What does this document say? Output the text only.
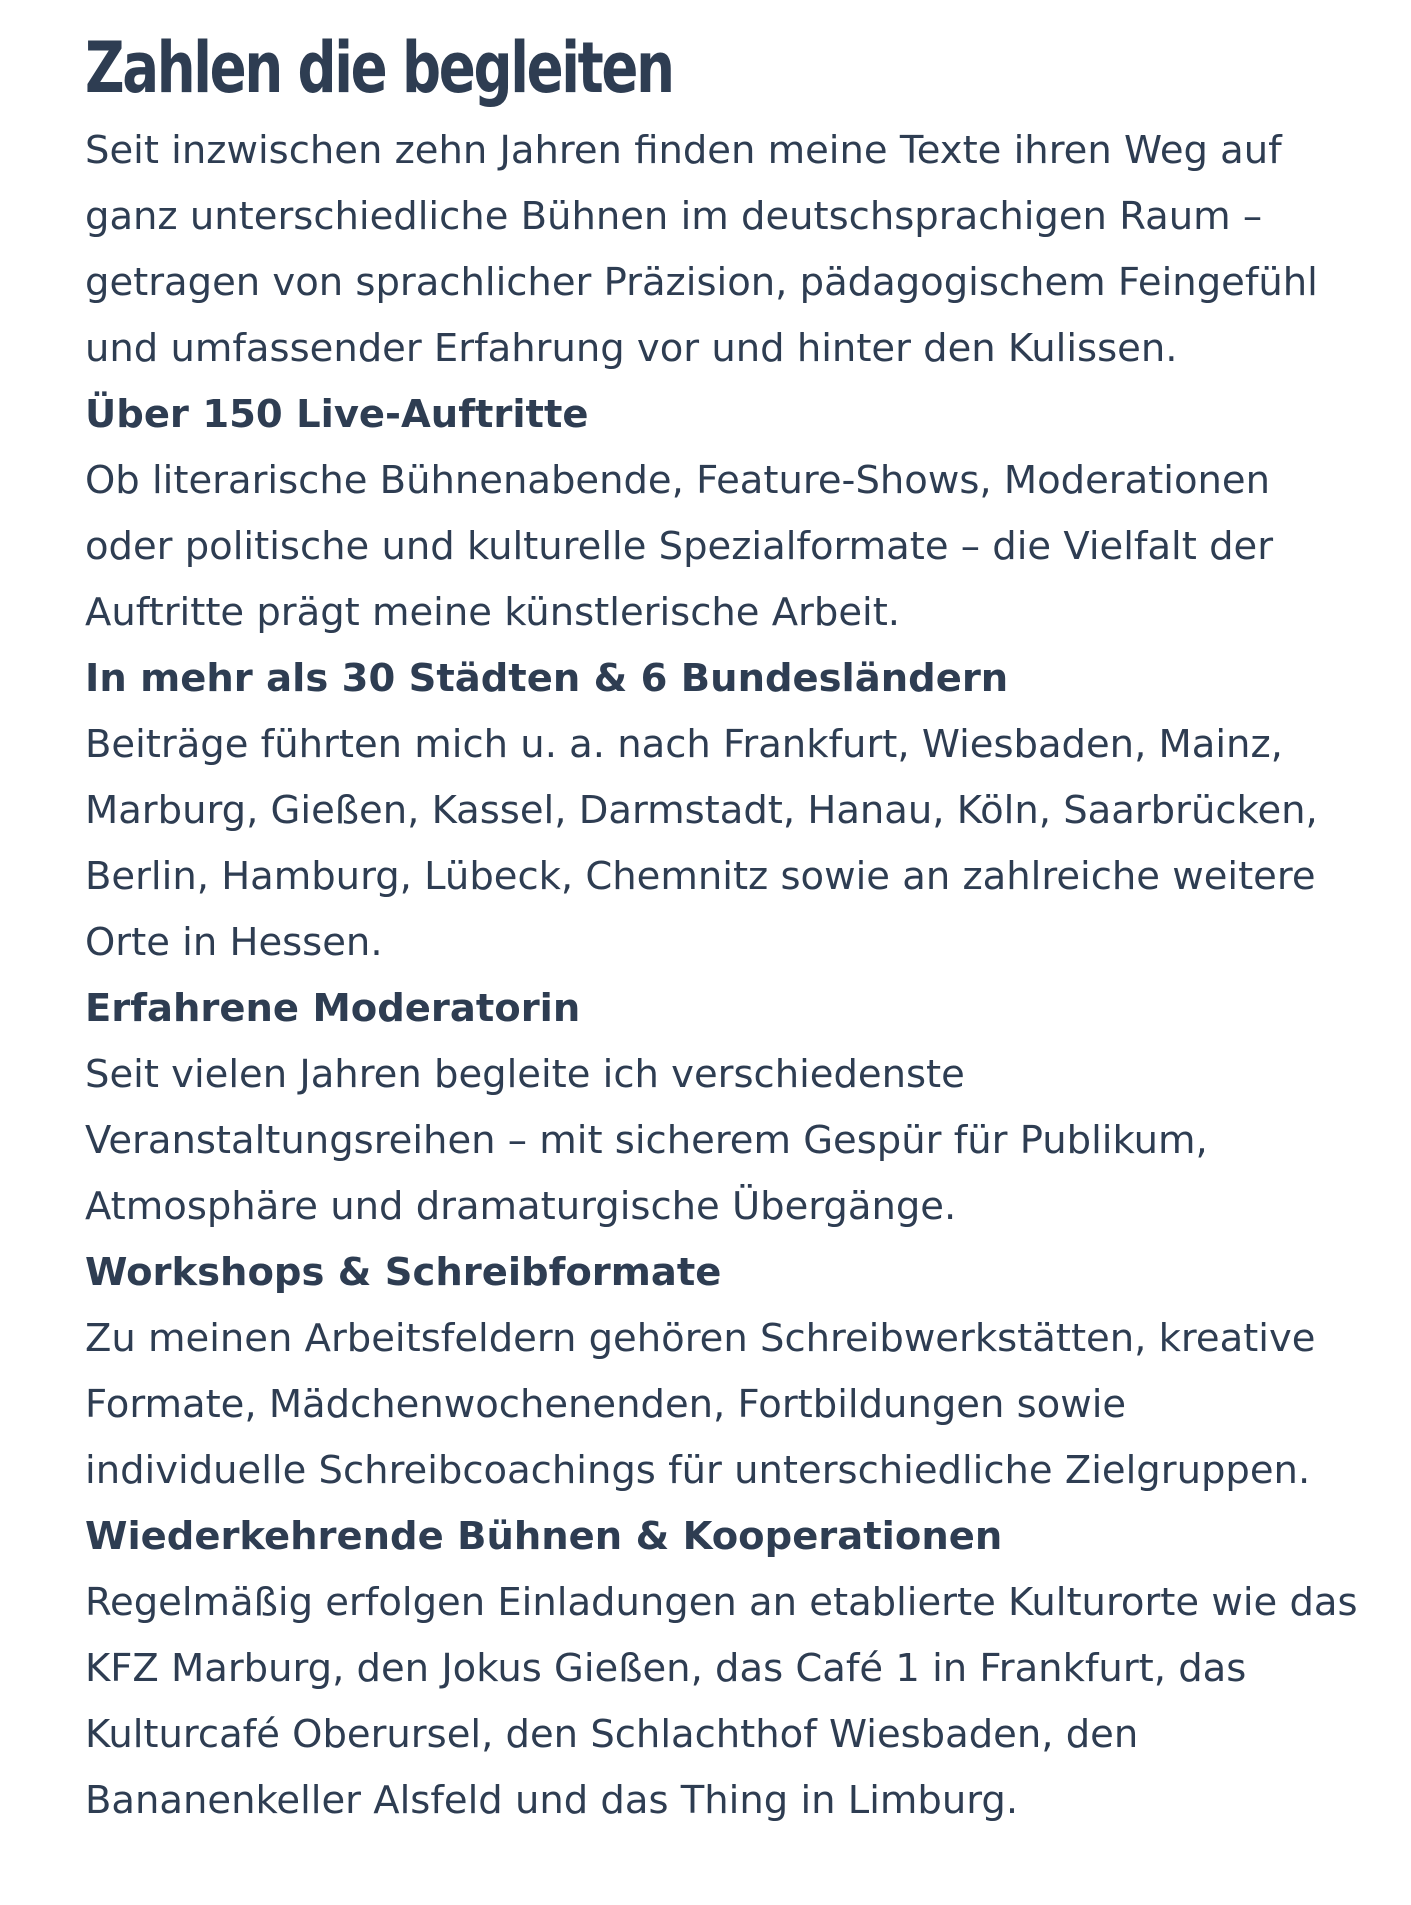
Zahlen die begleiten

Seit inzwischen zehn Jahren finden meine Texte ihren Weg auf
ganz unterschiedliche Bühnen im deutschsprachigen Raum –
getragen von sprachlicher Präzision, pädagogischem Feingefühl
und umfassender Erfahrung vor und hinter den Kulissen.

Über 150 Live-Auftritte

Ob literarische Bühnenabende, Feature-Shows, Moderationen
oder politische und kulturelle Spezialformate – die Vielfalt der
Auftritte prägt meine künstlerische Arbeit.

In mehr als 30 Städten & 6 Bundesländern

Beiträge führten mich u. a. nach Frankfurt, Wiesbaden, Mainz,
Marburg, Gießen, Kassel, Darmstadt, Hanau, Köln, Saarbrücken,
Berlin, Hamburg, Lübeck, Chemnitz sowie an zahlreiche weitere
Orte in Hessen.

Erfahrene Moderatorin

Seit vielen Jahren begleite ich verschiedenste
Veranstaltungsreihen – mit sicherem Gespür für Publikum,
Atmosphäre und dramaturgische Übergänge.

Workshops & Schreibformate

Zu meinen Arbeitsfeldern gehören Schreibwerkstätten, kreative
Formate, Mädchenwochenenden, Fortbildungen sowie
individuelle Schreibcoachings für unterschiedliche Zielgruppen.

Wiederkehrende Bühnen & Kooperationen

Regelmäßig erfolgen Einladungen an etablierte Kulturorte wie das
KFZ Marburg, den Jokus Gießen, das Café 1 in Frankfurt, das
Kulturcafé Oberursel, den Schlachthof Wiesbaden, den
Bananenkeller Alsfeld und das Thing in Limburg.
